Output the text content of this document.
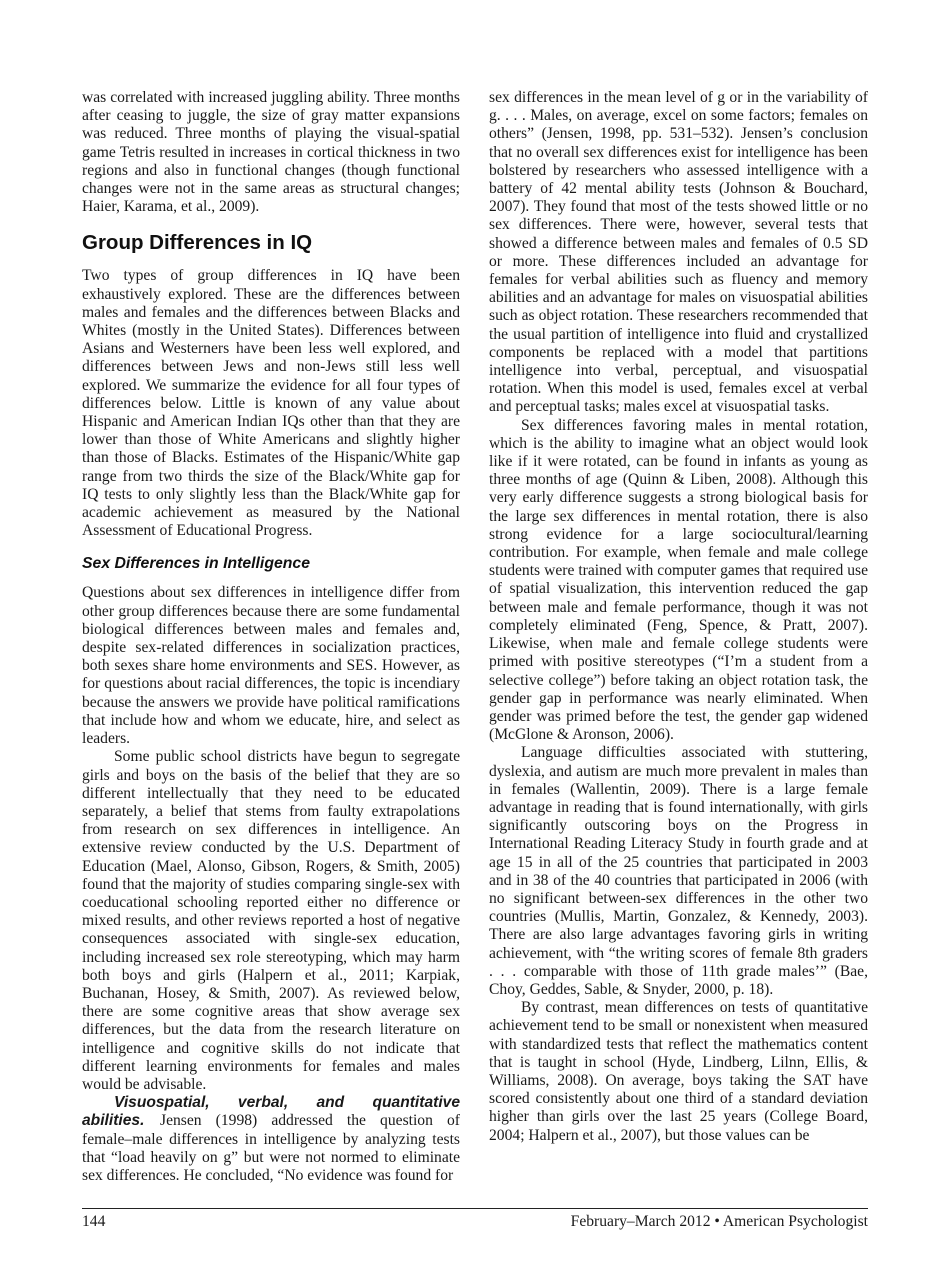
was correlated with increased juggling ability. Three months after ceasing to juggle, the size of gray matter expansions was reduced. Three months of playing the visual-spatial game Tetris resulted in increases in cortical thickness in two regions and also in functional changes (though functional changes were not in the same areas as structural changes; Haier, Karama, et al., 2009).

Group Differences in IQ

Two types of group differences in IQ have been exhaustively explored. These are the differences between males and females and the differences between Blacks and Whites (mostly in the United States). Differences between Asians and Westerners have been less well explored, and differences between Jews and non-Jews still less well explored. We summarize the evidence for all four types of differences below. Little is known of any value about Hispanic and American Indian IQs other than that they are lower than those of White Americans and slightly higher than those of Blacks. Estimates of the Hispanic/White gap range from two thirds the size of the Black/White gap for IQ tests to only slightly less than the Black/White gap for academic achievement as measured by the National Assessment of Educational Progress.

Sex Differences in Intelligence

Questions about sex differences in intelligence differ from other group differences because there are some fundamental biological differences between males and females and, despite sex-related differences in socialization practices, both sexes share home environments and SES. However, as for questions about racial differences, the topic is incendiary because the answers we provide have political ramifications that include how and whom we educate, hire, and select as leaders.

Some public school districts have begun to segregate girls and boys on the basis of the belief that they are so different intellectually that they need to be educated separately, a belief that stems from faulty extrapolations from research on sex differences in intelligence. An extensive review conducted by the U.S. Department of Education (Mael, Alonso, Gibson, Rogers, & Smith, 2005) found that the majority of studies comparing single-sex with coeducational schooling reported either no difference or mixed results, and other reviews reported a host of negative consequences associated with single-sex education, including increased sex role stereotyping, which may harm both boys and girls (Halpern et al., 2011; Karpiak, Buchanan, Hosey, & Smith, 2007). As reviewed below, there are some cognitive areas that show average sex differences, but the data from the research literature on intelligence and cognitive skills do not indicate that different learning environments for females and males would be advisable.

Visuospatial, verbal, and quantitative abilities.  Jensen (1998) addressed the question of female–male differences in intelligence by analyzing tests that “load heavily on g” but were not normed to eliminate sex differences. He concluded, “No evidence was found for

sex differences in the mean level of g or in the variability of g. . . . Males, on average, excel on some factors; females on others” (Jensen, 1998, pp. 531–532). Jensen’s conclusion that no overall sex differences exist for intelligence has been bolstered by researchers who assessed intelligence with a battery of 42 mental ability tests (Johnson & Bouchard, 2007). They found that most of the tests showed little or no sex differences. There were, however, several tests that showed a difference between males and females of 0.5 SD or more. These differences included an advantage for females for verbal abilities such as fluency and memory abilities and an advantage for males on visuospatial abilities such as object rotation. These researchers recommended that the usual partition of intelligence into fluid and crystallized components be replaced with a model that partitions intelligence into verbal, perceptual, and visuospatial rotation. When this model is used, females excel at verbal and perceptual tasks; males excel at visuospatial tasks.

Sex differences favoring males in mental rotation, which is the ability to imagine what an object would look like if it were rotated, can be found in infants as young as three months of age (Quinn & Liben, 2008). Although this very early difference suggests a strong biological basis for the large sex differences in mental rotation, there is also strong evidence for a large sociocultural/learning contribution. For example, when female and male college students were trained with computer games that required use of spatial visualization, this intervention reduced the gap between male and female performance, though it was not completely eliminated (Feng, Spence, & Pratt, 2007). Likewise, when male and female college students were primed with positive stereotypes (“I’m a student from a selective college”) before taking an object rotation task, the gender gap in performance was nearly eliminated. When gender was primed before the test, the gender gap widened (McGlone & Aronson, 2006).

Language difficulties associated with stuttering, dyslexia, and autism are much more prevalent in males than in females (Wallentin, 2009). There is a large female advantage in reading that is found internationally, with girls significantly outscoring boys on the Progress in International Reading Literacy Study in fourth grade and at age 15 in all of the 25 countries that participated in 2003 and in 38 of the 40 countries that participated in 2006 (with no significant between-sex differences in the other two countries (Mullis, Martin, Gonzalez, & Kennedy, 2003). There are also large advantages favoring girls in writing achievement, with “the writing scores of female 8th graders . . . comparable with those of 11th grade males’” (Bae, Choy, Geddes, Sable, & Snyder, 2000, p. 18).

By contrast, mean differences on tests of quantitative achievement tend to be small or nonexistent when measured with standardized tests that reflect the mathematics content that is taught in school (Hyde, Lindberg, Lilnn, Ellis, & Williams, 2008). On average, boys taking the SAT have scored consistently about one third of a standard deviation higher than girls over the last 25 years (College Board, 2004; Halpern et al., 2007), but those values can be

144	February–March 2012 • American Psychologist
